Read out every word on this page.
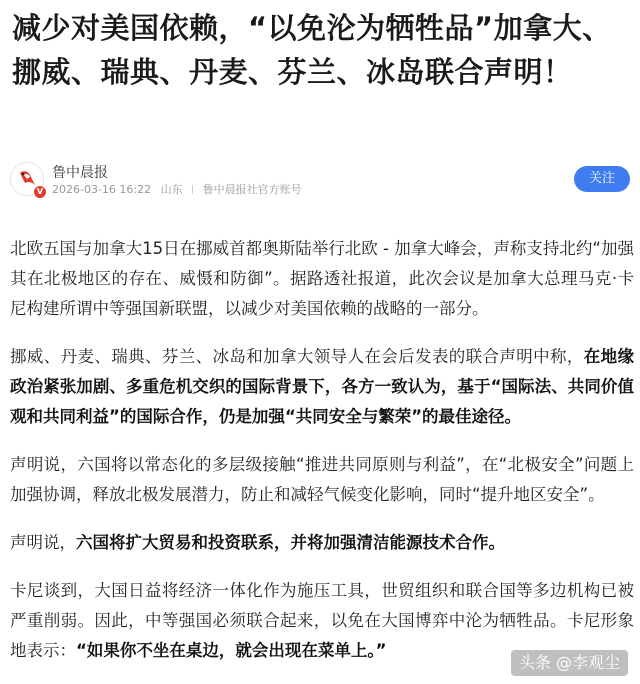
减少对美国依赖，“以免沦为牺牲品”加拿大、挪威、瑞典、丹麦、芬兰、冰岛联合声明！
V
鲁中晨报
2026-03-16 16:22 山东 鲁中晨报社官方账号
关注

北欧五国与加拿大15日在挪威首都奥斯陆举行北欧 - 加拿大峰会，声称支持北约“加强其在北极地区的存在、威慑和防御”。据路透社报道，此次会议是加拿大总理马克·卡尼构建所谓中等强国新联盟，以减少对美国依赖的战略的一部分。

挪威、丹麦、瑞典、芬兰、冰岛和加拿大领导人在会后发表的联合声明中称，在地缘政治紧张加剧、多重危机交织的国际背景下，各方一致认为，基于“国际法、共同价值观和共同利益”的国际合作，仍是加强“共同安全与繁荣”的最佳途径。

声明说，六国将以常态化的多层级接触“推进共同原则与利益”，在“北极安全”问题上加强协调，释放北极发展潜力，防止和减轻气候变化影响，同时“提升地区安全”。

声明说，六国将扩大贸易和投资联系，并将加强清洁能源技术合作。

卡尼谈到，大国日益将经济一体化作为施压工具，世贸组织和联合国等多边机构已被严重削弱。因此，中等强国必须联合起来，以免在大国博弈中沦为牺牲品。卡尼形象地表示：“如果你不坐在桌边，就会出现在菜单上。”

头条 @李观尘
